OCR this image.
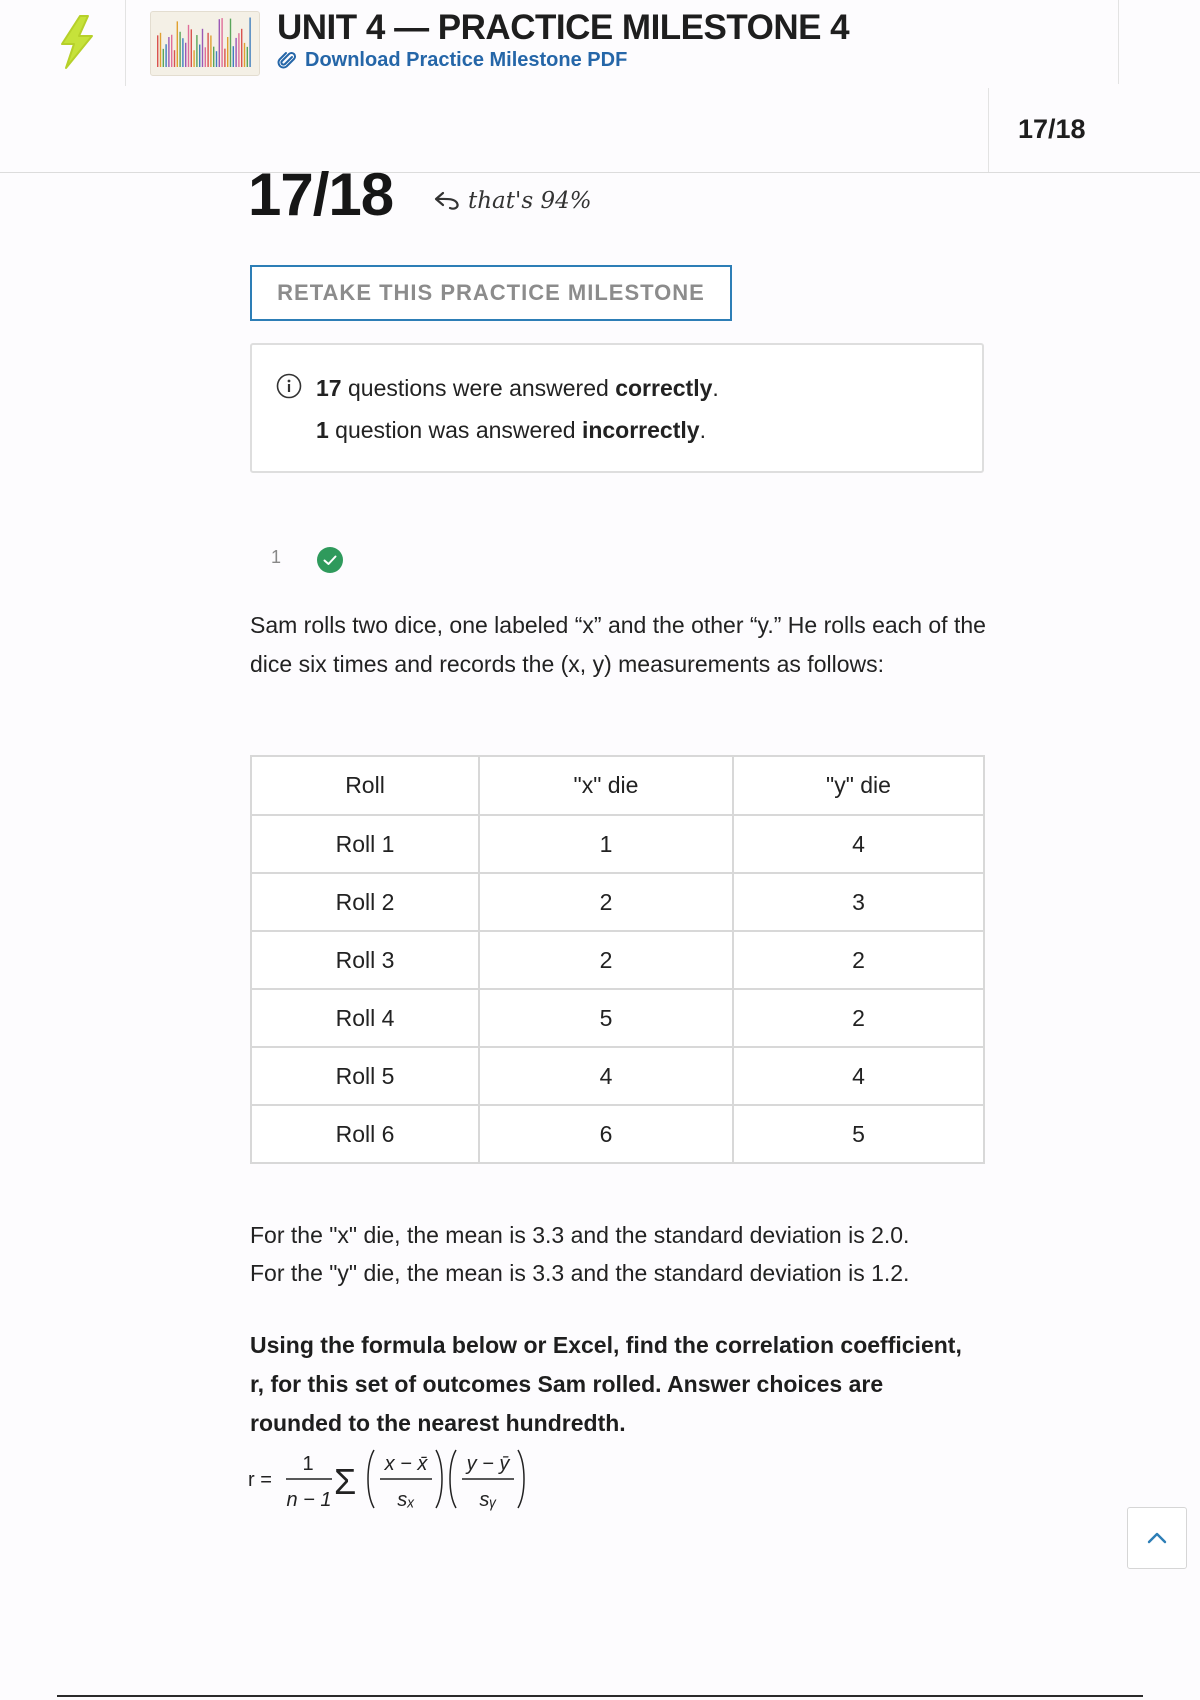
UNIT 4 — PRACTICE MILESTONE 4
Download Practice Milestone PDF
17/18
17/18	that's 94%
RETAKE THIS PRACTICE MILESTONE
17 questions were answered correctly.
1 question was answered incorrectly.
1
Sam rolls two dice, one labeled “x” and the other “y.” He rolls each of the dice six times and records the (x, y) measurements as follows:
Roll	"x" die	"y" die
Roll 1	1	4
Roll 2	2	3
Roll 3	2	2
Roll 4	5	2
Roll 5	4	4
Roll 6	6	5
For the "x" die, the mean is 3.3 and the standard deviation is 2.0.
For the "y" die, the mean is 3.3 and the standard deviation is 1.2.
Using the formula below or Excel, find the correlation coefficient, r, for this set of outcomes Sam rolled. Answer choices are rounded to the nearest hundredth.
r =
1
n − 1 Σ x − x̄
sₓ
y − ȳ
sᵧ
